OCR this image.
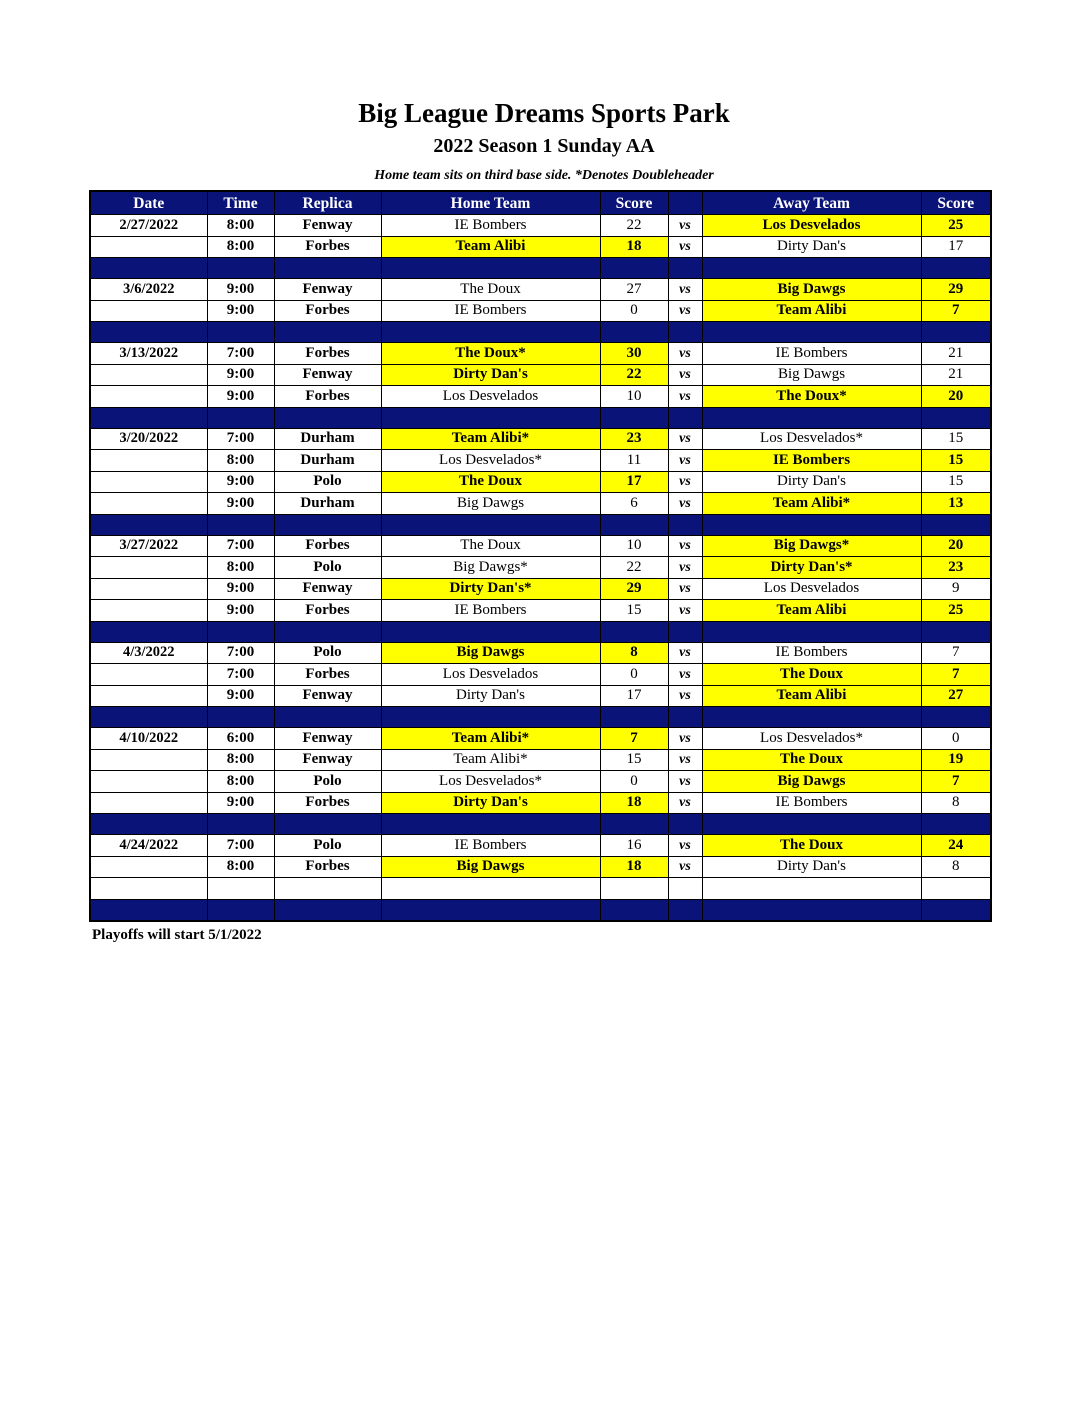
Big League Dreams Sports Park
2022 Season 1 Sunday AA
Home team sits on third base side. *Denotes Doubleheader
Date	Time	Replica	Home Team	Score		Away Team	Score
2/27/2022	8:00	Fenway	IE Bombers	22	vs	Los Desvelados	25
	8:00	Forbes	Team Alibi	18	vs	Dirty Dan's	17

3/6/2022	9:00	Fenway	The Doux	27	vs	Big Dawgs	29
	9:00	Forbes	IE Bombers	0	vs	Team Alibi	7

3/13/2022	7:00	Forbes	The Doux*	30	vs	IE Bombers	21
	9:00	Fenway	Dirty Dan's	22	vs	Big Dawgs	21
	9:00	Forbes	Los Desvelados	10	vs	The Doux*	20

3/20/2022	7:00	Durham	Team Alibi*	23	vs	Los Desvelados*	15
	8:00	Durham	Los Desvelados*	11	vs	IE Bombers	15
	9:00	Polo	The Doux	17	vs	Dirty Dan's	15
	9:00	Durham	Big Dawgs	6	vs	Team Alibi*	13

3/27/2022	7:00	Forbes	The Doux	10	vs	Big Dawgs*	20
	8:00	Polo	Big Dawgs*	22	vs	Dirty Dan's*	23
	9:00	Fenway	Dirty Dan's*	29	vs	Los Desvelados	9
	9:00	Forbes	IE Bombers	15	vs	Team Alibi	25

4/3/2022	7:00	Polo	Big Dawgs	8	vs	IE Bombers	7
	7:00	Forbes	Los Desvelados	0	vs	The Doux	7
	9:00	Fenway	Dirty Dan's	17	vs	Team Alibi	27

4/10/2022	6:00	Fenway	Team Alibi*	7	vs	Los Desvelados*	0
	8:00	Fenway	Team Alibi*	15	vs	The Doux	19
	8:00	Polo	Los Desvelados*	0	vs	Big Dawgs	7
	9:00	Forbes	Dirty Dan's	18	vs	IE Bombers	8

4/24/2022	7:00	Polo	IE Bombers	16	vs	The Doux	24
	8:00	Forbes	Big Dawgs	18	vs	Dirty Dan's	8

Playoffs will start 5/1/2022
